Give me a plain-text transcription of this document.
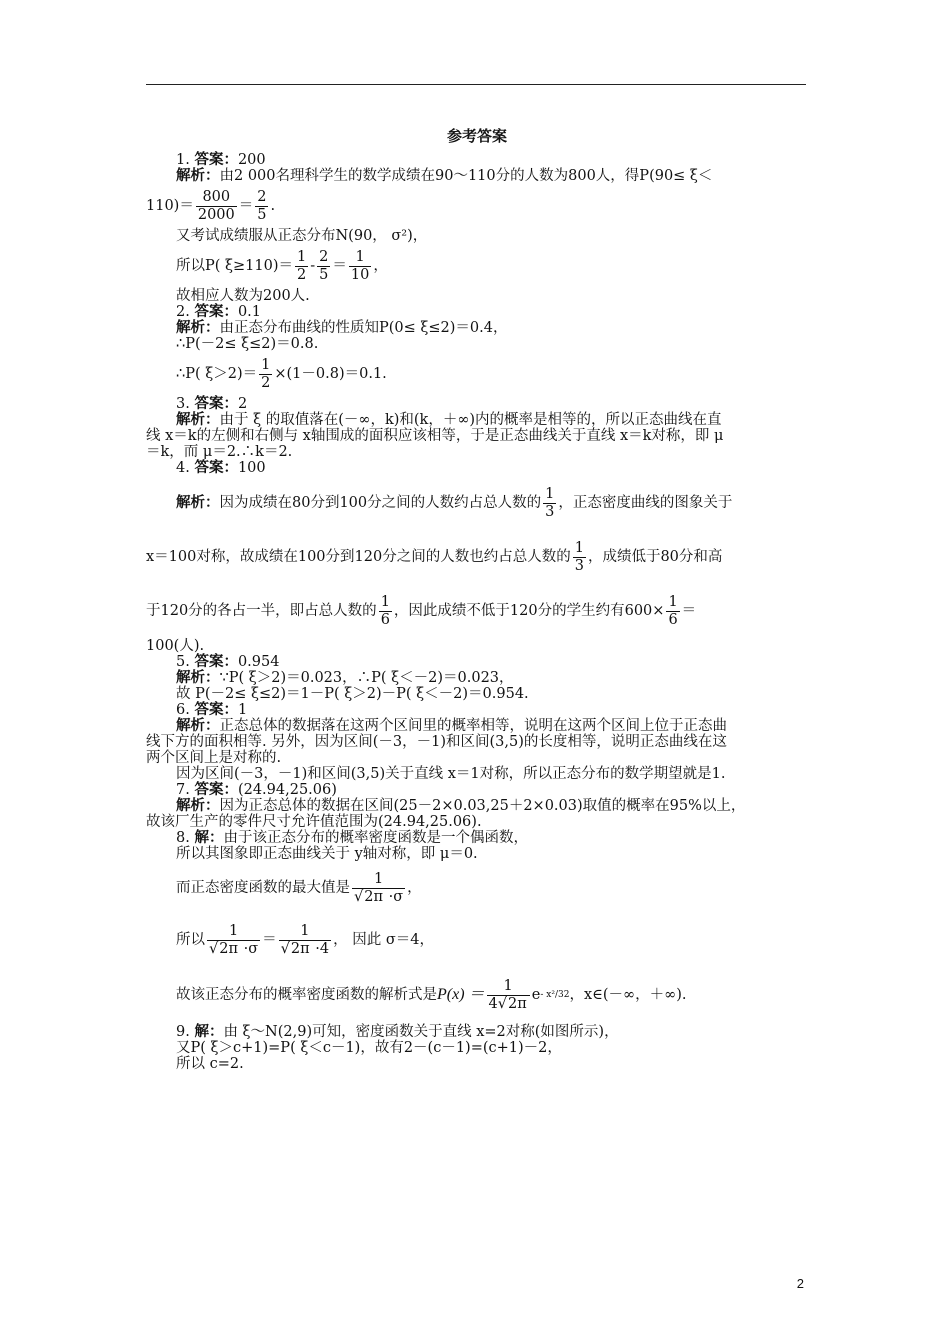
参考答案
1. 答案：200
解析：由2 000名理科学生的数学成绩在90～110分的人数为800人，得P(90≤ ξ＜
$110)= \frac{800}{2000} = \frac{2}{5}$ .
又考试成绩服从正态分布N(90， σ²)，
所以P( $\xi\ge 110)= \frac{1}{2} - \frac{2}{5} = \frac{1}{10}$ ，
故相应人数为200人.
2. 答案：0.1
解析：由正态分布曲线的性质知P(0≤ ξ≤2)＝0.4，
∴P(－2≤ ξ≤2)＝0.8.
∴P( $\xi>2)= \frac{1}{2} \times(1-0.8)=0.1$.
3. 答案：2
解析：由于 ξ 的取值落在(－∞，k)和(k，＋∞)内的概率是相等的，所以正态曲线在直
线 x＝k的左侧和右侧与 x轴围成的面积应该相等，于是正态曲线关于直线 x＝k对称，即 μ
＝k，而 μ＝2.∴k＝2.
4. 答案：100
解析： 因为成绩在80分到100分之间的人数约占总人数的 $\frac{1}{3}$ ，正态密度曲线的图象关于
x＝100对称，故成绩在100分到120分之间的人数也约占总人数的 $\frac{1}{3}$ ，成绩低于80分和高
于120分的各占一半，即占总人数的 $\frac{1}{6}$ ，因此成绩不低于120分的学生约有$600\times \frac{1}{6}$ ＝
100(人).
5. 答案：0.954
解析：∵P( ξ＞2)＝0.023，∴P( ξ＜－2)＝0.023，
故 P(－2≤ ξ≤2)＝1－P( ξ＞2)－P( ξ＜－2)＝0.954.
6. 答案：1
解析：正态总体的数据落在这两个区间里的概率相等，说明在这两个区间上位于正态曲
线下方的面积相等. 另外，因为区间(－3，－1)和区间(3,5)的长度相等，说明正态曲线在这
两个区间上是对称的.
因为区间(－3，－1)和区间(3,5)关于直线 x＝1对称，所以正态分布的数学期望就是1.
7. 答案：(24.94,25.06)
解析：因为正态总体的数据在区间(25－2×0.03,25＋2×0.03)取值的概率在95%以上，
故该厂生产的零件尺寸允许值范围为(24.94,25.06).
8. 解：由于该正态分布的概率密度函数是一个偶函数，
所以其图象即正态曲线关于 y轴对称，即 μ＝0.
而正态密度函数的最大值是 $\frac{1}{√2\pi \cdot\sigma}$ ，
所以 $\frac{1}{√2\pi \cdot\sigma} = \frac{1}{√2\pi \cdot 4}$ ， 因此 σ＝4，
故该正态分布的概率密度函数的解析式是 $P(x) = \frac{1}{4√2\pi}$ e - x²/32 ，x∈(－∞，＋∞).
9. 解：由 ξ～N(2,9)可知，密度函数关于直线 x=2对称(如图所示)，
又P( ξ＞c+1)=P( ξ＜c－1)，故有2－(c－1)=(c+1)－2，
所以 c=2.
2
